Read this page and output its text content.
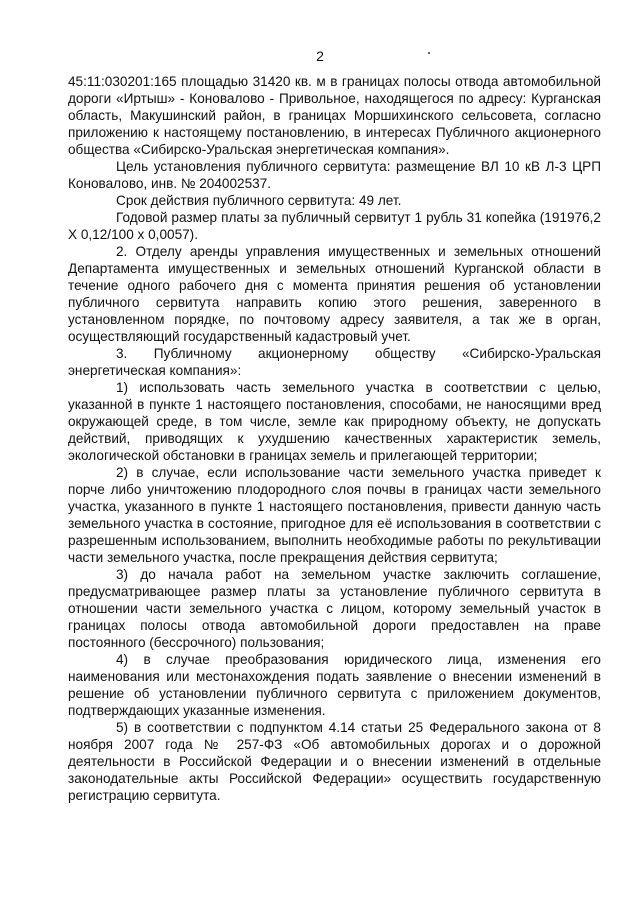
2

45:11:030201:165 площадью 31420 кв. м в границах полосы отвода автомобильной дороги «Иртыш» - Коновалово - Привольное, находящегося по адресу: Курганская область, Макушинский район, в границах Моршихинского сельсовета, согласно приложению к настоящему постановлению, в интересах Публичного акционерного общества «Сибирско-Уральская энергетическая компания».

Цель установления публичного сервитута: размещение ВЛ 10 кВ Л-3 ЦРП Коновалово, инв. № 204002537.

Срок действия публичного сервитута: 49 лет.

Годовой размер платы за публичный сервитут 1 рубль 31 копейка (191976,2 Х 0,12/100 х 0,0057).

2. Отделу аренды управления имущественных и земельных отношений Департамента имущественных и земельных отношений Курганской области в течение одного рабочего дня с момента принятия решения об установлении публичного сервитута направить копию этого решения, заверенного в установленном порядке, по почтовому адресу заявителя, а так же в орган, осуществляющий государственный кадастровый учет.

3. Публичному акционерному обществу «Сибирско-Уральская энергетическая компания»:

1) использовать часть земельного участка в соответствии с целью, указанной в пункте 1 настоящего постановления, способами, не наносящими вред окружающей среде, в том числе, земле как природному объекту, не допускать действий, приводящих к ухудшению качественных характеристик земель, экологической обстановки в границах земель и прилегающей территории;

2) в случае, если использование части земельного участка приведет к порче либо уничтожению плодородного слоя почвы в границах части земельного участка, указанного в пункте 1 настоящего постановления, привести данную часть земельного участка в состояние, пригодное для её использования в соответствии с разрешенным использованием, выполнить необходимые работы по рекультивации части земельного участка, после прекращения действия сервитута;

3) до начала работ на земельном участке заключить соглашение, предусматривающее размер платы за установление публичного сервитута в отношении части земельного участка с лицом, которому земельный участок в границах полосы отвода автомобильной дороги предоставлен на праве постоянного (бессрочного) пользования;

4) в случае преобразования юридического лица, изменения его наименования или местонахождения подать заявление о внесении изменений в решение об установлении публичного сервитута с приложением документов, подтверждающих указанные изменения.

5) в соответствии с подпунктом 4.14 статьи 25 Федерального закона от 8 ноября 2007 года № 257-ФЗ «Об автомобильных дорогах и о дорожной деятельности в Российской Федерации и о внесении изменений в отдельные законодательные акты Российской Федерации» осуществить государственную регистрацию сервитута.
